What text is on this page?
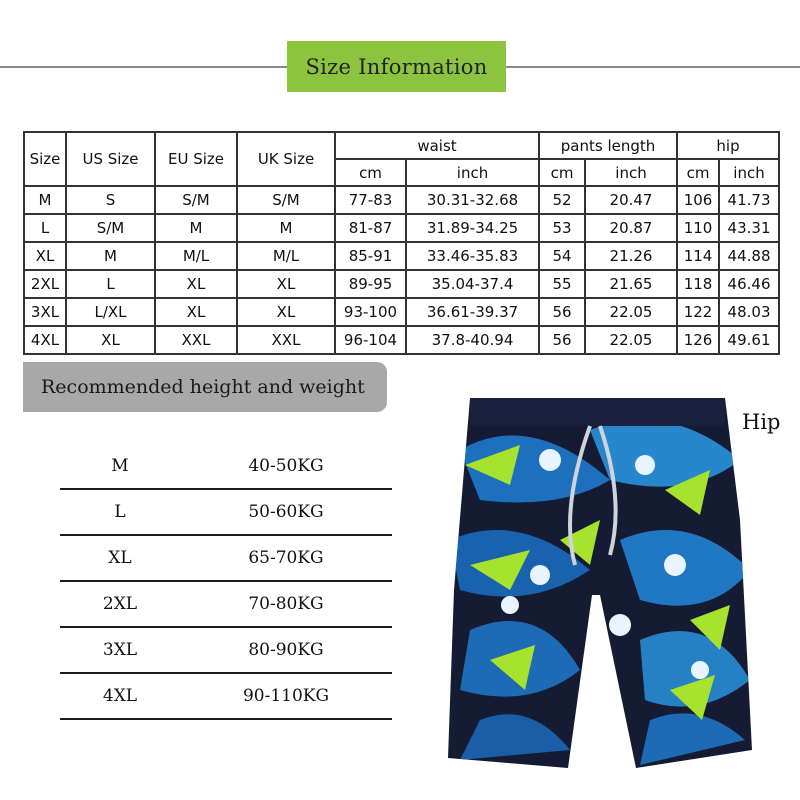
Size Information
Size	US Size	EU Size	UK Size	waist		pants length		hip	
				cm	inch	cm	inch	cm	inch
M	S	S/M	S/M	77-83	30.31-32.68	52	20.47	106	41.73
L	S/M	M	M	81-87	31.89-34.25	53	20.87	110	43.31
XL	M	M/L	M/L	85-91	33.46-35.83	54	21.26	114	44.88
2XL	L	XL	XL	89-95	35.04-37.4	55	21.65	118	46.46
3XL	L/XL	XL	XL	93-100	36.61-39.37	56	22.05	122	48.03
4XL	XL	XXL	XXL	96-104	37.8-40.94	56	22.05	126	49.61
Recommended height and weight
M	40-50KG
L	50-60KG
XL	65-70KG
2XL	70-80KG
3XL	80-90KG
4XL	90-110KG
Hip
